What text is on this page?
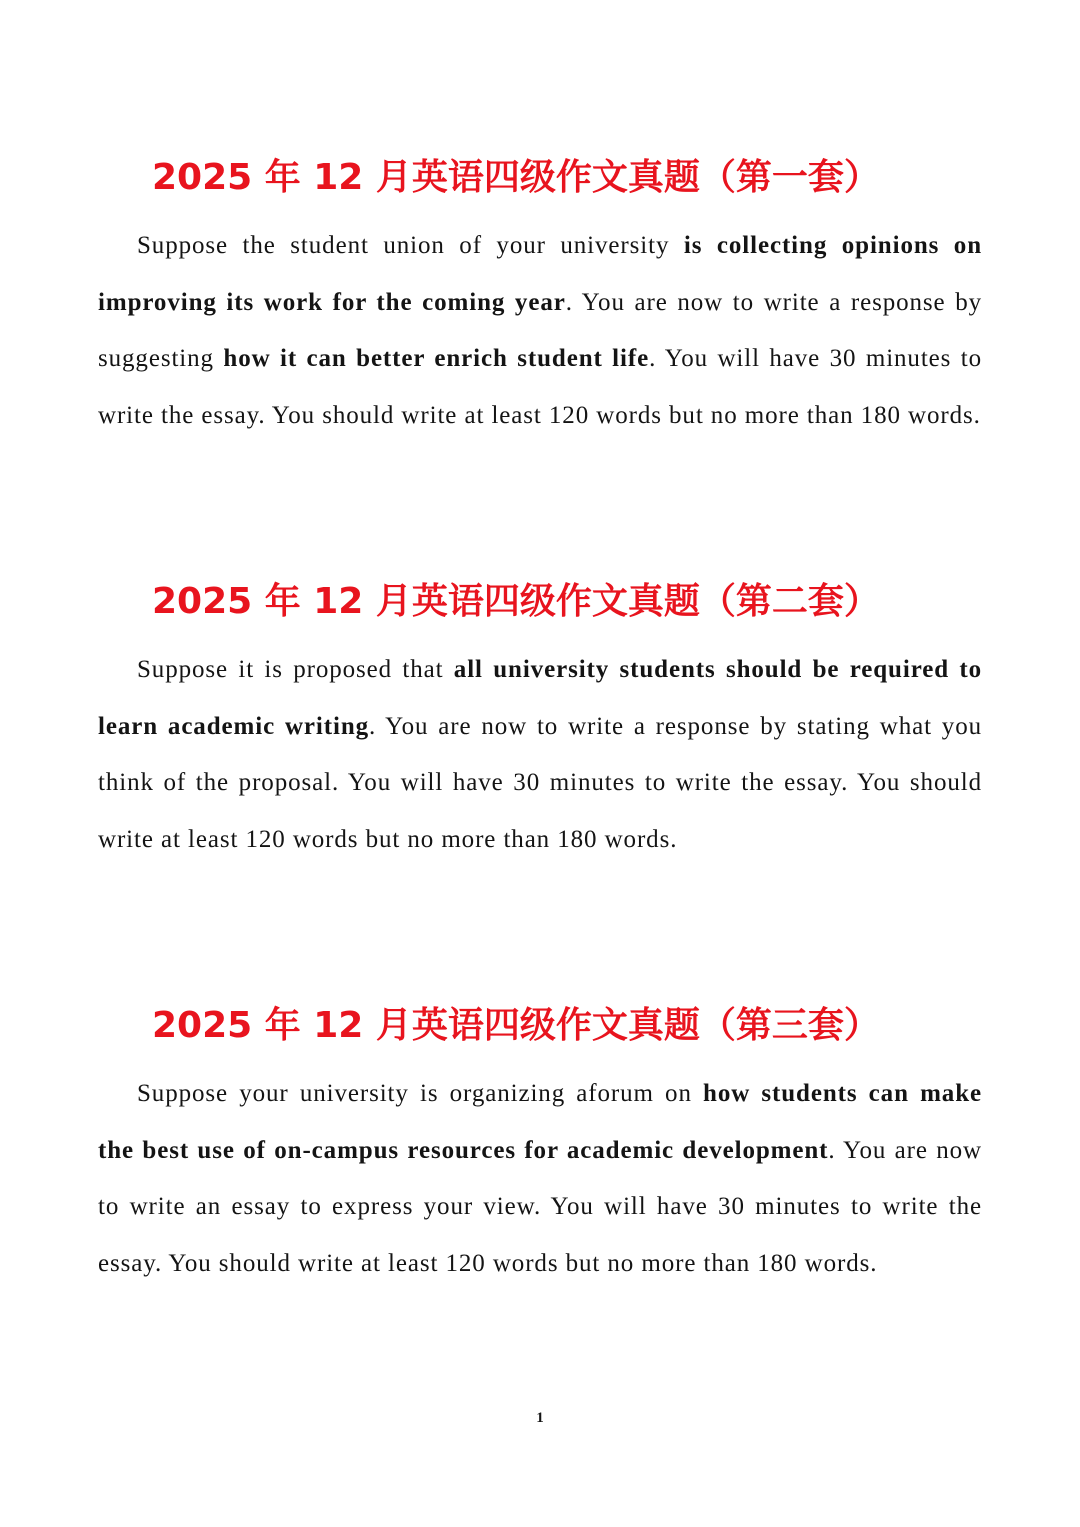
2025 年 12 月英语四级作文真题（第一套）

Suppose the student union of your university is collecting opinions on improving its work for the coming year. You are now to write a response by suggesting how it can better enrich student life. You will have 30 minutes to write the essay. You should write at least 120 words but no more than 180 words.

2025 年 12 月英语四级作文真题（第二套）

Suppose it is proposed that all university students should be required to learn academic writing. You are now to write a response by stating what you think of the proposal. You will have 30 minutes to write the essay. You should write at least 120 words but no more than 180 words.

2025 年 12 月英语四级作文真题（第三套）

Suppose your university is organizing aforum on how students can make the best use of on-campus resources for academic development. You are now to write an essay to express your view. You will have 30 minutes to write the essay. You should write at least 120 words but no more than 180 words.

1
